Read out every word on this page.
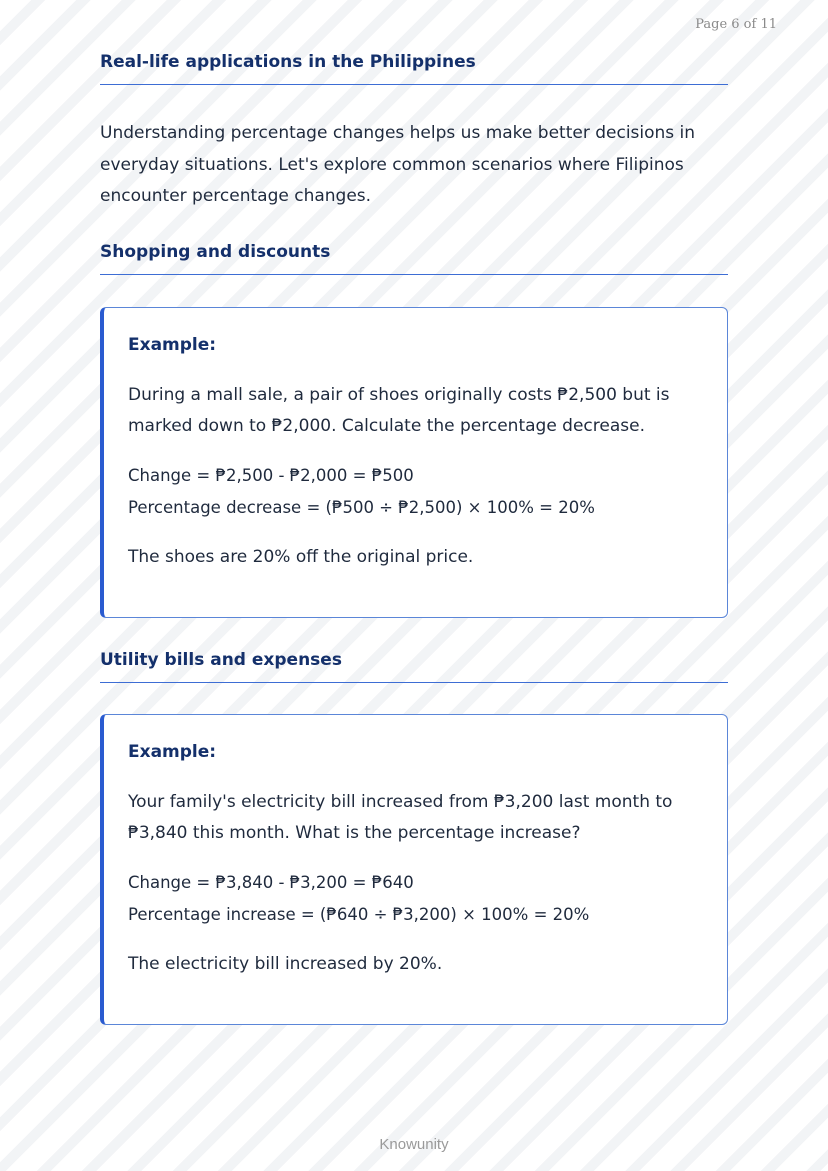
Page 6 of 11
Real-life applications in the Philippines
Understanding percentage changes helps us make better decisions in everyday situations. Let's explore common scenarios where Filipinos encounter percentage changes.
Shopping and discounts
Example:
During a mall sale, a pair of shoes originally costs ₱2,500 but is marked down to ₱2,000. Calculate the percentage decrease.
Change = ₱2,500 - ₱2,000 = ₱500
Percentage decrease = (₱500 ÷ ₱2,500) × 100% = 20%
The shoes are 20% off the original price.
Utility bills and expenses
Example:
Your family's electricity bill increased from ₱3,200 last month to ₱3,840 this month. What is the percentage increase?
Change = ₱3,840 - ₱3,200 = ₱640
Percentage increase = (₱640 ÷ ₱3,200) × 100% = 20%
The electricity bill increased by 20%.
Knowunity
